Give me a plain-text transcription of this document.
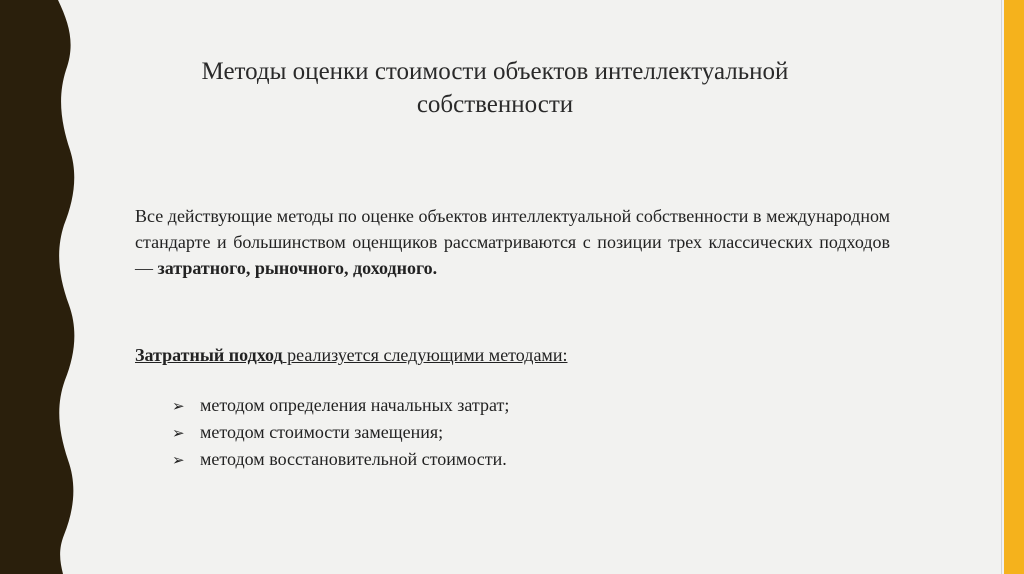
Методы оценки стоимости объектов интеллектуальной собственности

Все действующие методы по оценке объектов интеллектуальной собственности в международном стандарте и большинством оценщиков рассматриваются с позиции трех классических подходов — затратного, рыночного, доходного.

Затратный подход реализуется следующими методами:

➢ методом определения начальных затрат;
➢ методом стоимости замещения;
➢ методом восстановительной стоимости.
